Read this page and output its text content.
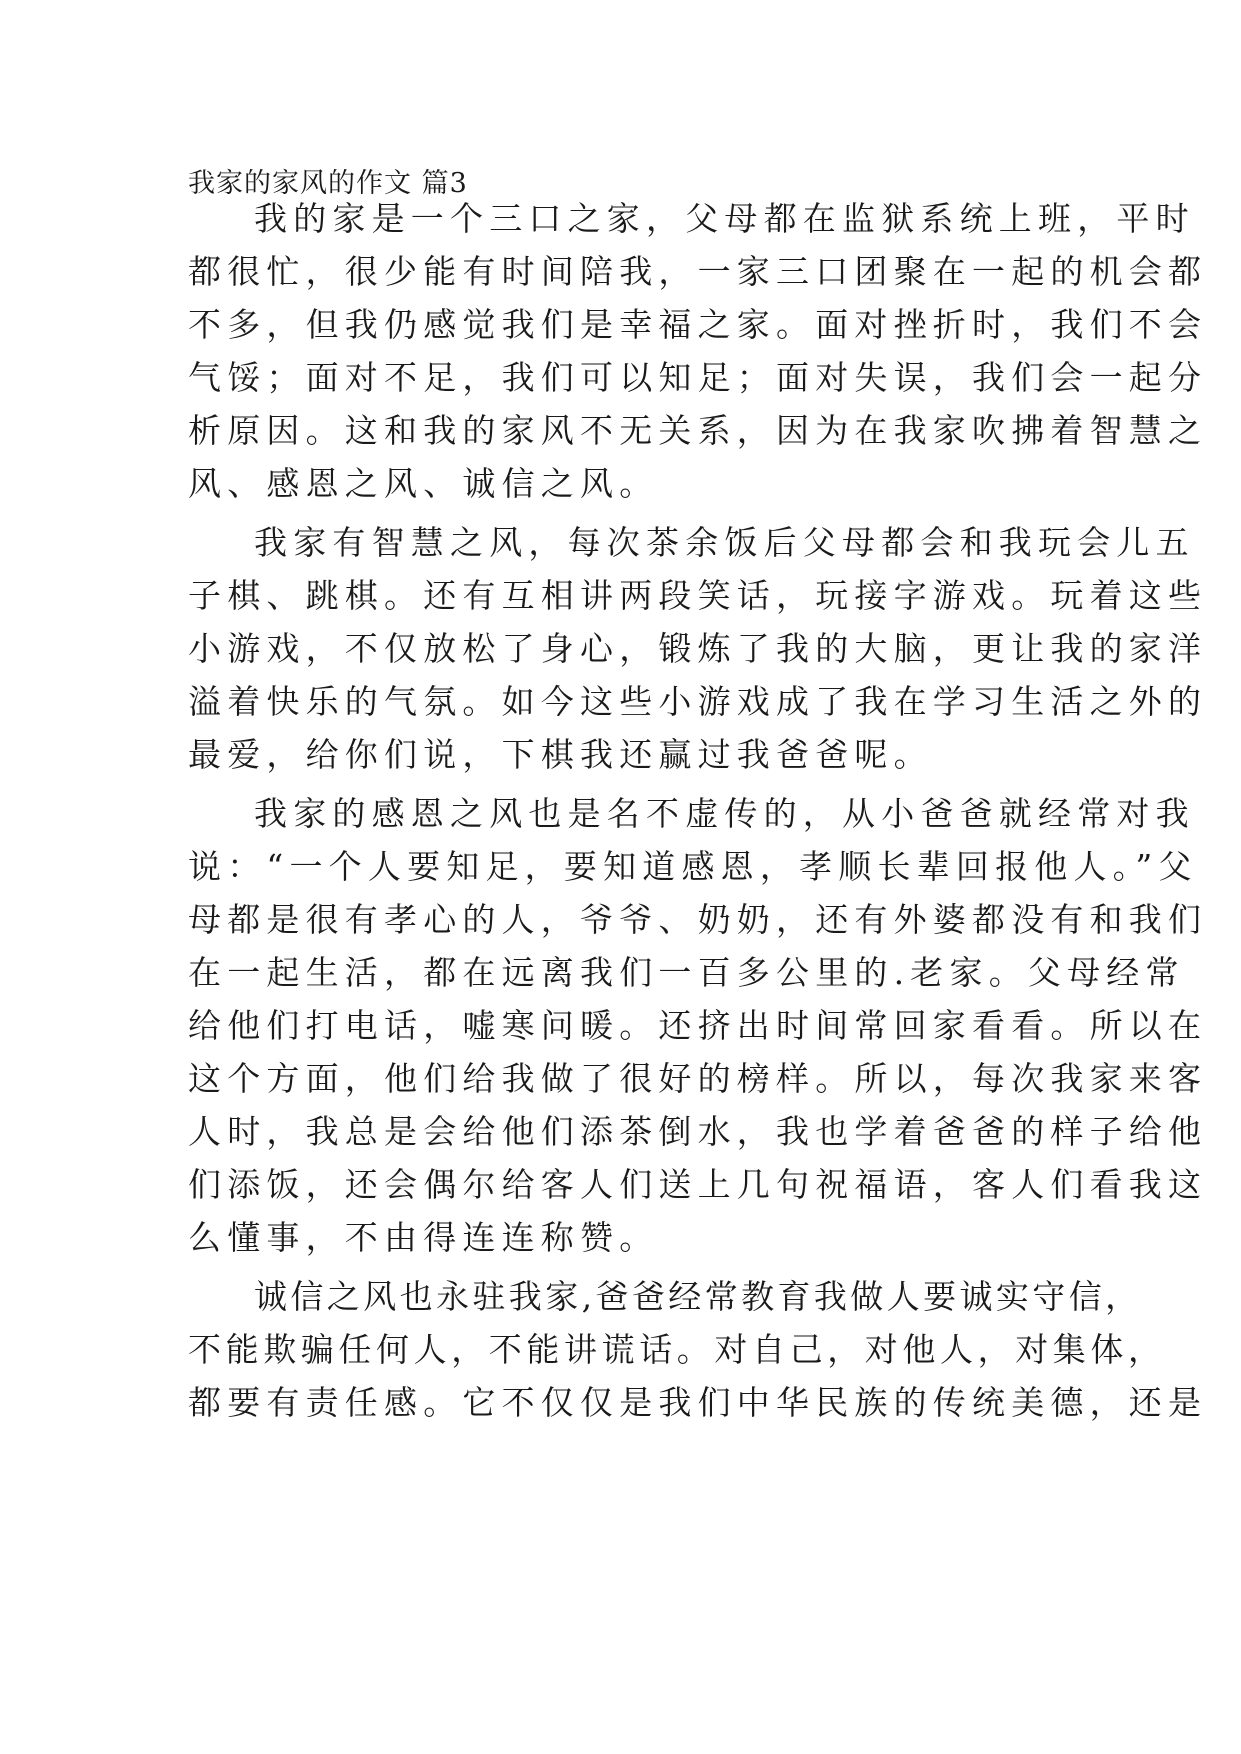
我家的家风的作文 篇3
我的家是一个三口之家，父母都在监狱系统上班，平时
都很忙，很少能有时间陪我，一家三口团聚在一起的机会都
不多，但我仍感觉我们是幸福之家。面对挫折时，我们不会
气馁；面对不足，我们可以知足；面对失误，我们会一起分
析原因。这和我的家风不无关系，因为在我家吹拂着智慧之
风、感恩之风、诚信之风。
我家有智慧之风，每次茶余饭后父母都会和我玩会儿五
子棋、跳棋。还有互相讲两段笑话，玩接字游戏。玩着这些
小游戏，不仅放松了身心，锻炼了我的大脑，更让我的家洋
溢着快乐的气氛。如今这些小游戏成了我在学习生活之外的
最爱，给你们说，下棋我还赢过我爸爸呢。
我家的感恩之风也是名不虚传的，从小爸爸就经常对我
说：“一个人要知足，要知道感恩，孝顺长辈回报他人。”父
母都是很有孝心的人，爷爷、奶奶，还有外婆都没有和我们
在一起生活，都在远离我们一百多公里的.老家。父母经常
给他们打电话，嘘寒问暖。还挤出时间常回家看看。所以在
这个方面，他们给我做了很好的榜样。所以，每次我家来客
人时，我总是会给他们添茶倒水，我也学着爸爸的样子给他
们添饭，还会偶尔给客人们送上几句祝福语，客人们看我这
么懂事，不由得连连称赞。
诚信之风也永驻我家,爸爸经常教育我做人要诚实守信，
不能欺骗任何人，不能讲谎话。对自己，对他人，对集体，
都要有责任感。它不仅仅是我们中华民族的传统美德，还是
